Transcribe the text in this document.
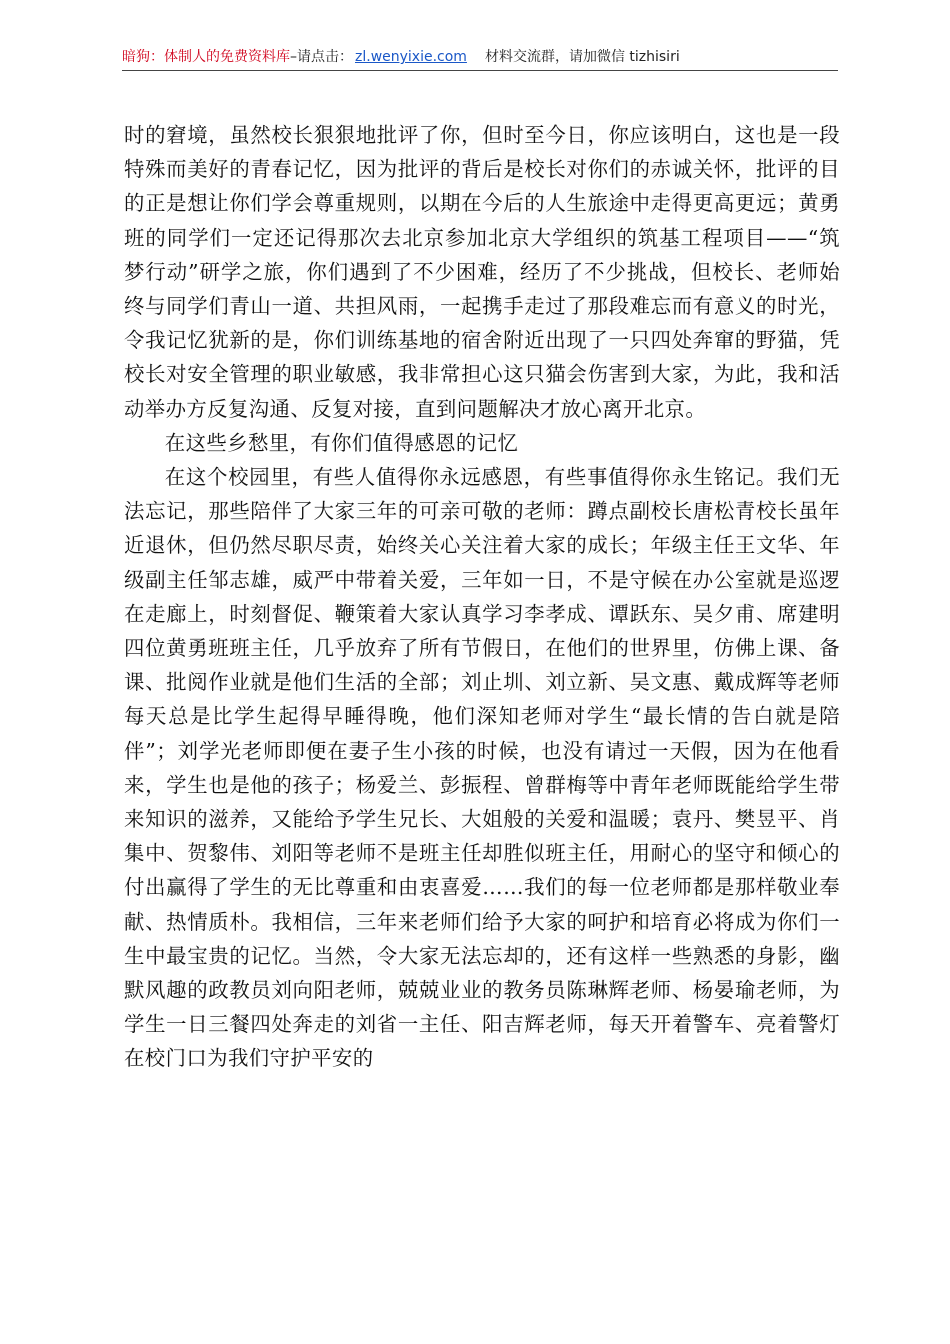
暗狗：体制人的免费资料库–请点击： zl.wenyixie.com 材料交流群，请加微信 tizhisiri

时的窘境，虽然校长狠狠地批评了你，但时至今日，你应该明白，这也是一段特殊而美好的青春记忆，因为批评的背后是校长对你们的赤诚关怀，批评的目的正是想让你们学会尊重规则，以期在今后的人生旅途中走得更高更远；黄勇班的同学们一定还记得那次去北京参加北京大学组织的筑基工程项目——“筑梦行动”研学之旅，你们遇到了不少困难，经历了不少挑战，但校长、老师始终与同学们青山一道、共担风雨，一起携手走过了那段难忘而有意义的时光，令我记忆犹新的是，你们训练基地的宿舍附近出现了一只四处奔窜的野猫，凭校长对安全管理的职业敏感，我非常担心这只猫会伤害到大家，为此，我和活动举办方反复沟通、反复对接，直到问题解决才放心离开北京。

在这些乡愁里，有你们值得感恩的记忆

在这个校园里，有些人值得你永远感恩，有些事值得你永生铭记。我们无法忘记，那些陪伴了大家三年的可亲可敬的老师：蹲点副校长唐松青校长虽年近退休，但仍然尽职尽责，始终关心关注着大家的成长；年级主任王文华、年级副主任邹志雄，威严中带着关爱，三年如一日，不是守候在办公室就是巡逻在走廊上，时刻督促、鞭策着大家认真学习李孝成、谭跃东、吴夕甫、席建明四位黄勇班班主任，几乎放弃了所有节假日，在他们的世界里，仿佛上课、备课、批阅作业就是他们生活的全部；刘止圳、刘立新、吴文惠、戴成辉等老师每天总是比学生起得早睡得晚，他们深知老师对学生“最长情的告白就是陪伴”；刘学光老师即便在妻子生小孩的时候，也没有请过一天假，因为在他看来，学生也是他的孩子；杨爱兰、彭振程、曾群梅等中青年老师既能给学生带来知识的滋养，又能给予学生兄长、大姐般的关爱和温暖；袁丹、樊昱平、肖集中、贺黎伟、刘阳等老师不是班主任却胜似班主任，用耐心的坚守和倾心的付出赢得了学生的无比尊重和由衷喜爱……我们的每一位老师都是那样敬业奉献、热情质朴。我相信，三年来老师们给予大家的呵护和培育必将成为你们一生中最宝贵的记忆。当然，令大家无法忘却的，还有这样一些熟悉的身影，幽默风趣的政教员刘向阳老师，兢兢业业的教务员陈琳辉老师、杨晏瑜老师，为学生一日三餐四处奔走的刘省一主任、阳吉辉老师，每天开着警车、亮着警灯在校门口为我们守护平安的
